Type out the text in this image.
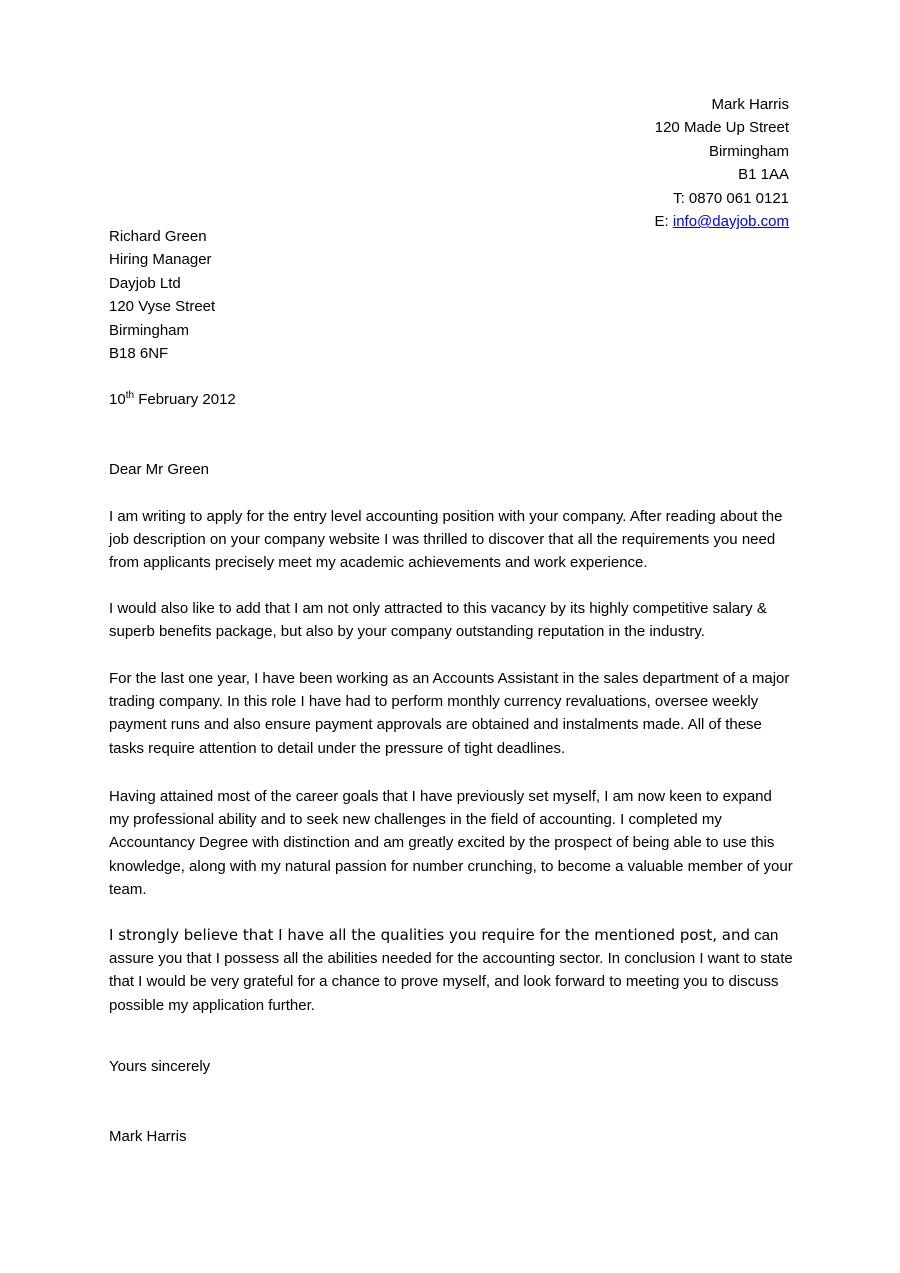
Mark Harris
120 Made Up Street
Birmingham
B1 1AA
T: 0870 061 0121
E: info@dayjob.com
Richard Green
Hiring Manager
Dayjob Ltd
120 Vyse Street
Birmingham
B18 6NF
10th February 2012
Dear Mr Green

I am writing to apply for the entry level accounting position with your company. After reading about the job description on your company website I was thrilled to discover that all the requirements you need from applicants precisely meet my academic achievements and work experience.

I would also like to add that I am not only attracted to this vacancy by its highly competitive salary & superb benefits package, but also by your company outstanding reputation in the industry.

For the last one year, I have been working as an Accounts Assistant in the sales department of a major trading company. In this role I have had to perform monthly currency revaluations, oversee weekly payment runs and also ensure payment approvals are obtained and instalments made. All of these tasks require attention to detail under the pressure of tight deadlines.

Having attained most of the career goals that I have previously set myself, I am now keen to expand my professional ability and to seek new challenges in the field of accounting. I completed my Accountancy Degree with distinction and am greatly excited by the prospect of being able to use this knowledge, along with my natural passion for number crunching, to become a valuable member of your team.

I strongly believe that I have all the qualities you require for the mentioned post, and can assure you that I possess all the abilities needed for the accounting sector. In conclusion I want to state that I would be very grateful for a chance to prove myself, and look forward to meeting you to discuss possible my application further.

Yours sincerely
Mark Harris
